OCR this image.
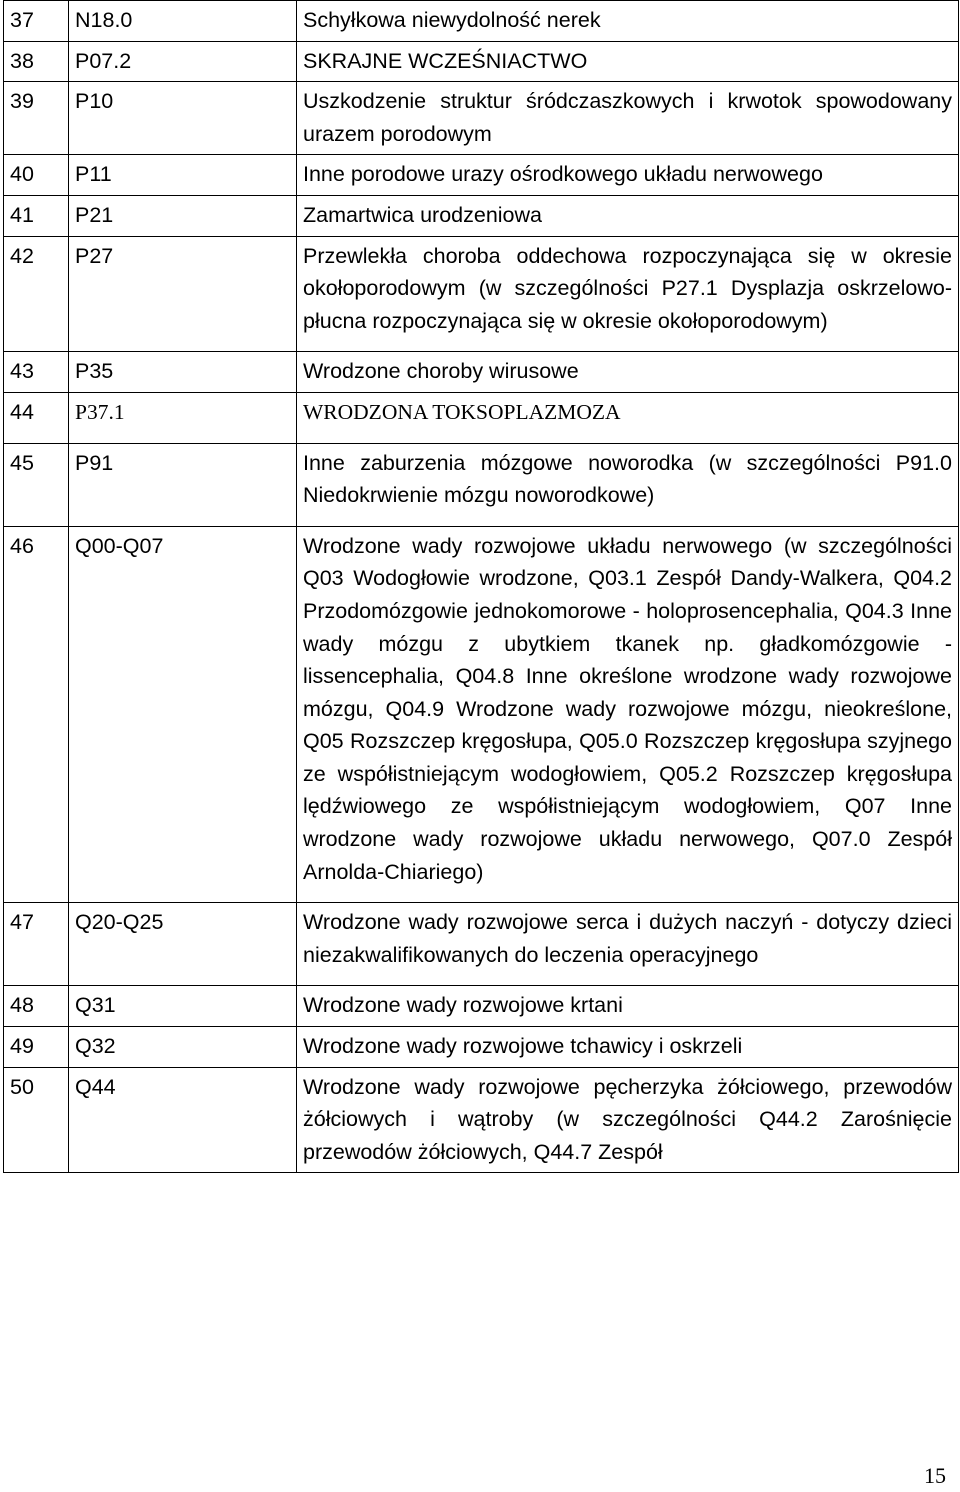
37	N18.0	Schyłkowa niewydolność nerek
38	P07.2	SKRAJNE WCZEŚNIACTWO
39	P10	Uszkodzenie struktur śródczaszkowych i krwotok spowodowany urazem porodowym
40	P11	Inne porodowe urazy ośrodkowego układu nerwowego
41	P21	Zamartwica urodzeniowa
42	P27	Przewlekła choroba oddechowa rozpoczynająca się w okresie okołoporodowym (w szczególności P27.1 Dysplazja oskrzelowo-płucna rozpoczynająca się w okresie okołoporodowym)
43	P35	Wrodzone choroby wirusowe
44	P37.1	WRODZONA TOKSOPLAZMOZA
45	P91	Inne zaburzenia mózgowe noworodka (w szczególności P91.0 Niedokrwienie mózgu noworodkowe)
46	Q00-Q07	Wrodzone wady rozwojowe układu nerwowego (w szczególności Q03 Wodogłowie wrodzone, Q03.1 Zespół Dandy-Walkera, Q04.2 Przodomózgowie jednokomorowe - holoprosencephalia, Q04.3 Inne wady mózgu z ubytkiem tkanek np. gładkomózgowie - lissencephalia, Q04.8 Inne określone wrodzone wady rozwojowe mózgu, Q04.9 Wrodzone wady rozwojowe mózgu, nieokreślone, Q05 Rozszczep kręgosłupa, Q05.0 Rozszczep kręgosłupa szyjnego ze współistniejącym wodogłowiem, Q05.2 Rozszczep kręgosłupa lędźwiowego ze współistniejącym wodogłowiem, Q07 Inne wrodzone wady rozwojowe układu nerwowego, Q07.0 Zespół Arnolda-Chiariego)
47	Q20-Q25	Wrodzone wady rozwojowe serca i dużych naczyń - dotyczy dzieci niezakwalifikowanych do leczenia operacyjnego
48	Q31	Wrodzone wady rozwojowe krtani
49	Q32	Wrodzone wady rozwojowe tchawicy i oskrzeli
50	Q44	Wrodzone wady rozwojowe pęcherzyka żółciowego, przewodów żółciowych i wątroby (w szczególności Q44.2 Zarośnięcie przewodów żółciowych, Q44.7 Zespół
15
